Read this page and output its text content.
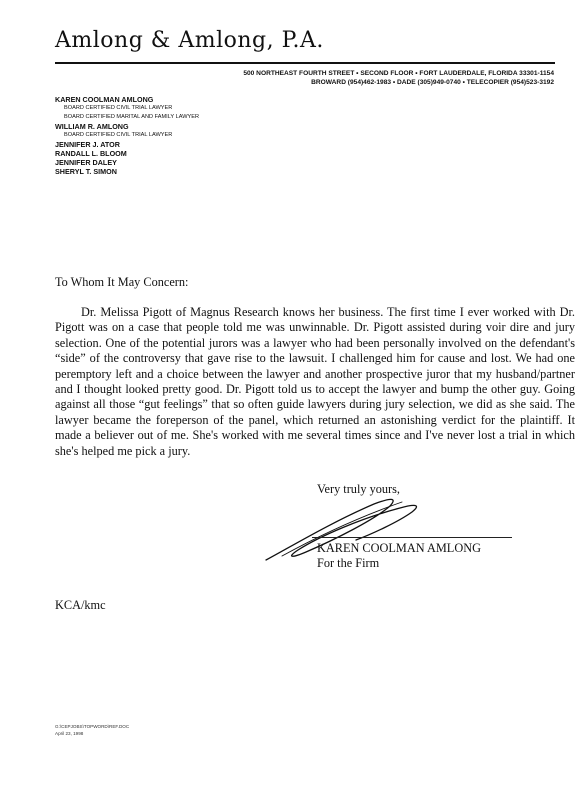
Amlong & Amlong, P.A.
500 NORTHEAST FOURTH STREET • SECOND FLOOR • FORT LAUDERDALE, FLORIDA 33301-1154
BROWARD (954)462-1983 • DADE (305)949-0740 • TELECOPIER (954)523-3192
KAREN COOLMAN AMLONG
BOARD CERTIFIED CIVIL TRIAL LAWYER
BOARD CERTIFIED MARITAL AND FAMILY LAWYER
WILLIAM R. AMLONG
BOARD CERTIFIED CIVIL TRIAL LAWYER
JENNIFER J. ATOR
RANDALL L. BLOOM
JENNIFER DALEY
SHERYL T. SIMON
To Whom It May Concern:

Dr. Melissa Pigott of Magnus Research knows her business. The first time I ever worked with Dr. Pigott was on a case that people told me was unwinnable. Dr. Pigott assisted during voir dire and jury selection. One of the potential jurors was a lawyer who had been personally involved on the defendant's “side” of the controversy that gave rise to the lawsuit. I challenged him for cause and lost. We had one peremptory left and a choice between the lawyer and another prospective juror that my husband/partner and I thought looked pretty good. Dr. Pigott told us to accept the lawyer and bump the other guy. Going against all those “gut feelings” that so often guide lawyers during jury selection, we did as she said. The lawyer became the foreperson of the panel, which returned an astonishing verdict for the plaintiff. It made a believer out of me. She's worked with me several times since and I've never lost a trial in which she's helped me pick a jury.

Very truly yours,
KAREN COOLMAN AMLONG
For the Firm
KCA/kmc
G:\CEPJOBS\TOPWORD\REF.DOC
April 23, 1998
